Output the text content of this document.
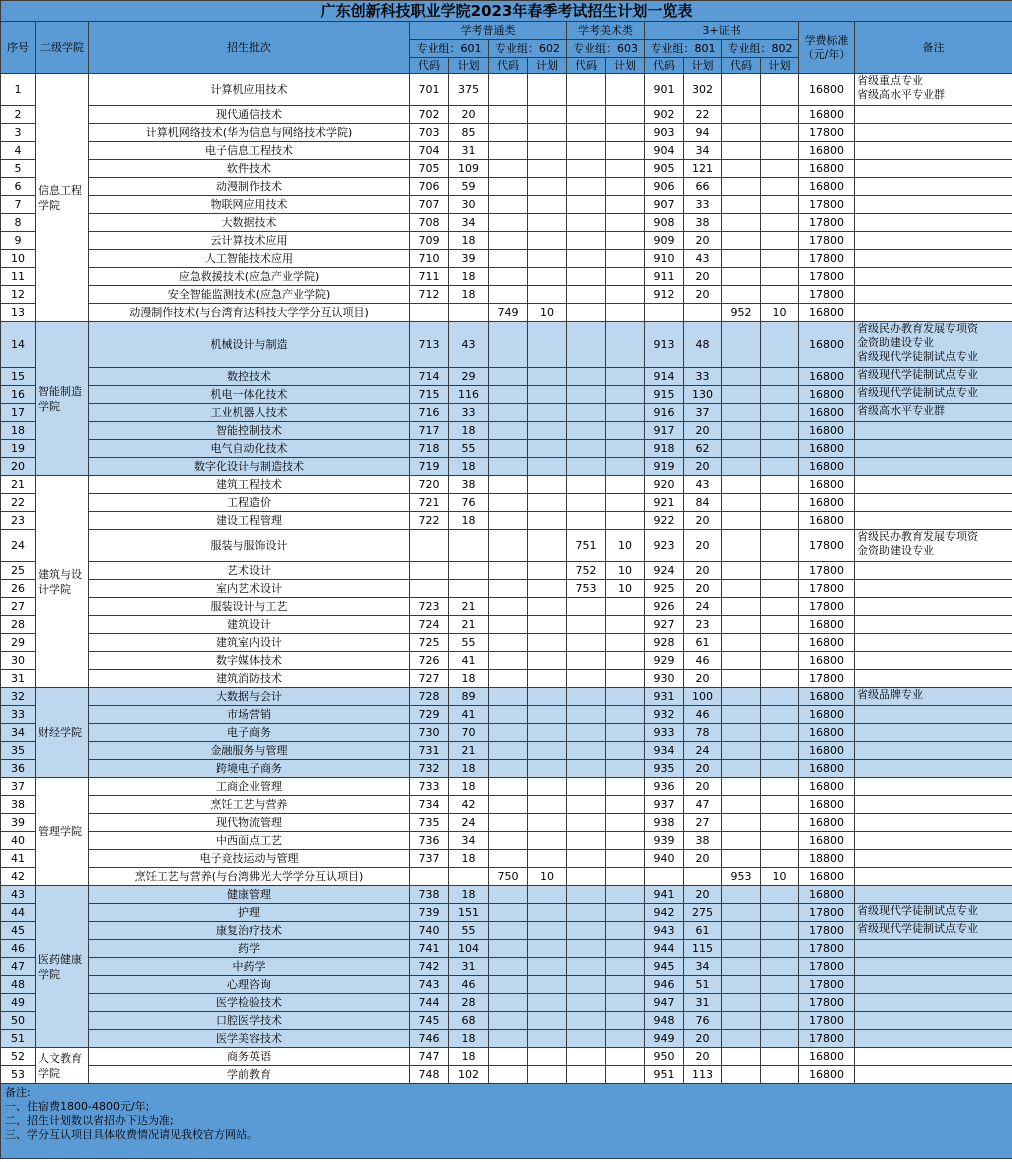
广东创新科技职业学院2023年春季考试招生计划一览表														
序号	二级学院	招生批次	学考普通类				学考美术类		3+证书				学费标准（元/年）	备注
			专业组：601		专业组：602		专业组：603		专业组：801		专业组：802			
			代码	计划	代码	计划	代码	计划	代码	计划	代码	计划		
1	信息工程学院	计算机应用技术	701	375					901	302			16800	省级重点专业
省级高水平专业群

2		现代通信技术	702	20					902	22			16800	
3		计算机网络技术(华为信息与网络技术学院)	703	85					903	94			17800	
4		电子信息工程技术	704	31					904	34			16800	
5		软件技术	705	109					905	121			16800	
6		动漫制作技术	706	59					906	66			16800	
7		物联网应用技术	707	30					907	33			17800	
8		大数据技术	708	34					908	38			17800	
9		云计算技术应用	709	18					909	20			17800	
10		人工智能技术应用	710	39					910	43			17800	
11		应急救援技术(应急产业学院)	711	18					911	20			17800	
12		安全智能监测技术(应急产业学院)	712	18					912	20			17800	
13		动漫制作技术(与台湾育达科技大学学分互认项目)			749	10					952	10	16800	
14	智能制造学院	机械设计与制造	713	43					913	48			16800	省级民办教育发展专项资
金资助建设专业
省级现代学徒制试点专业

15		数控技术	714	29					914	33			16800	省级现代学徒制试点专业

16		机电一体化技术	715	116					915	130			16800	省级现代学徒制试点专业

17		工业机器人技术	716	33					916	37			16800	省级高水平专业群

18		智能控制技术	717	18					917	20			16800	
19		电气自动化技术	718	55					918	62			16800	
20		数字化设计与制造技术	719	18					919	20			16800	
21	建筑与设计学院	建筑工程技术	720	38					920	43			16800	
22		工程造价	721	76					921	84			16800	
23		建设工程管理	722	18					922	20			16800	
24		服装与服饰设计					751	10	923	20			17800	省级民办教育发展专项资
金资助建设专业

25		艺术设计					752	10	924	20			17800	
26		室内艺术设计					753	10	925	20			17800	
27		服装设计与工艺	723	21					926	24			17800	
28		建筑设计	724	21					927	23			16800	
29		建筑室内设计	725	55					928	61			16800	
30		数字媒体技术	726	41					929	46			16800	
31		建筑消防技术	727	18					930	20			17800	
32	财经学院	大数据与会计	728	89					931	100			16800	省级品牌专业

33		市场营销	729	41					932	46			16800	
34		电子商务	730	70					933	78			16800	
35		金融服务与管理	731	21					934	24			16800	
36		跨境电子商务	732	18					935	20			16800	
37	管理学院	工商企业管理	733	18					936	20			16800	
38		烹饪工艺与营养	734	42					937	47			16800	
39		现代物流管理	735	24					938	27			16800	
40		中西面点工艺	736	34					939	38			16800	
41		电子竞技运动与管理	737	18					940	20			18800	
42		烹饪工艺与营养(与台湾佛光大学学分互认项目)			750	10					953	10	16800	
43	医药健康学院	健康管理	738	18					941	20			16800	
44		护理	739	151					942	275			17800	省级现代学徒制试点专业

45		康复治疗技术	740	55					943	61			17800	省级现代学徒制试点专业

46		药学	741	104					944	115			17800	
47		中药学	742	31					945	34			17800	
48		心理咨询	743	46					946	51			17800	
49		医学检验技术	744	28					947	31			17800	
50		口腔医学技术	745	68					948	76			17800	
51		医学美容技术	746	18					949	20			17800	
52	人文教育学院	商务英语	747	18					950	20			16800	
53		学前教育	748	102					951	113			16800	

备注:
一、住宿费1800-4800元/年;
二、招生计划数以省招办下达为准;
三、学分互认项目具体收费情况请见我校官方网站。														
